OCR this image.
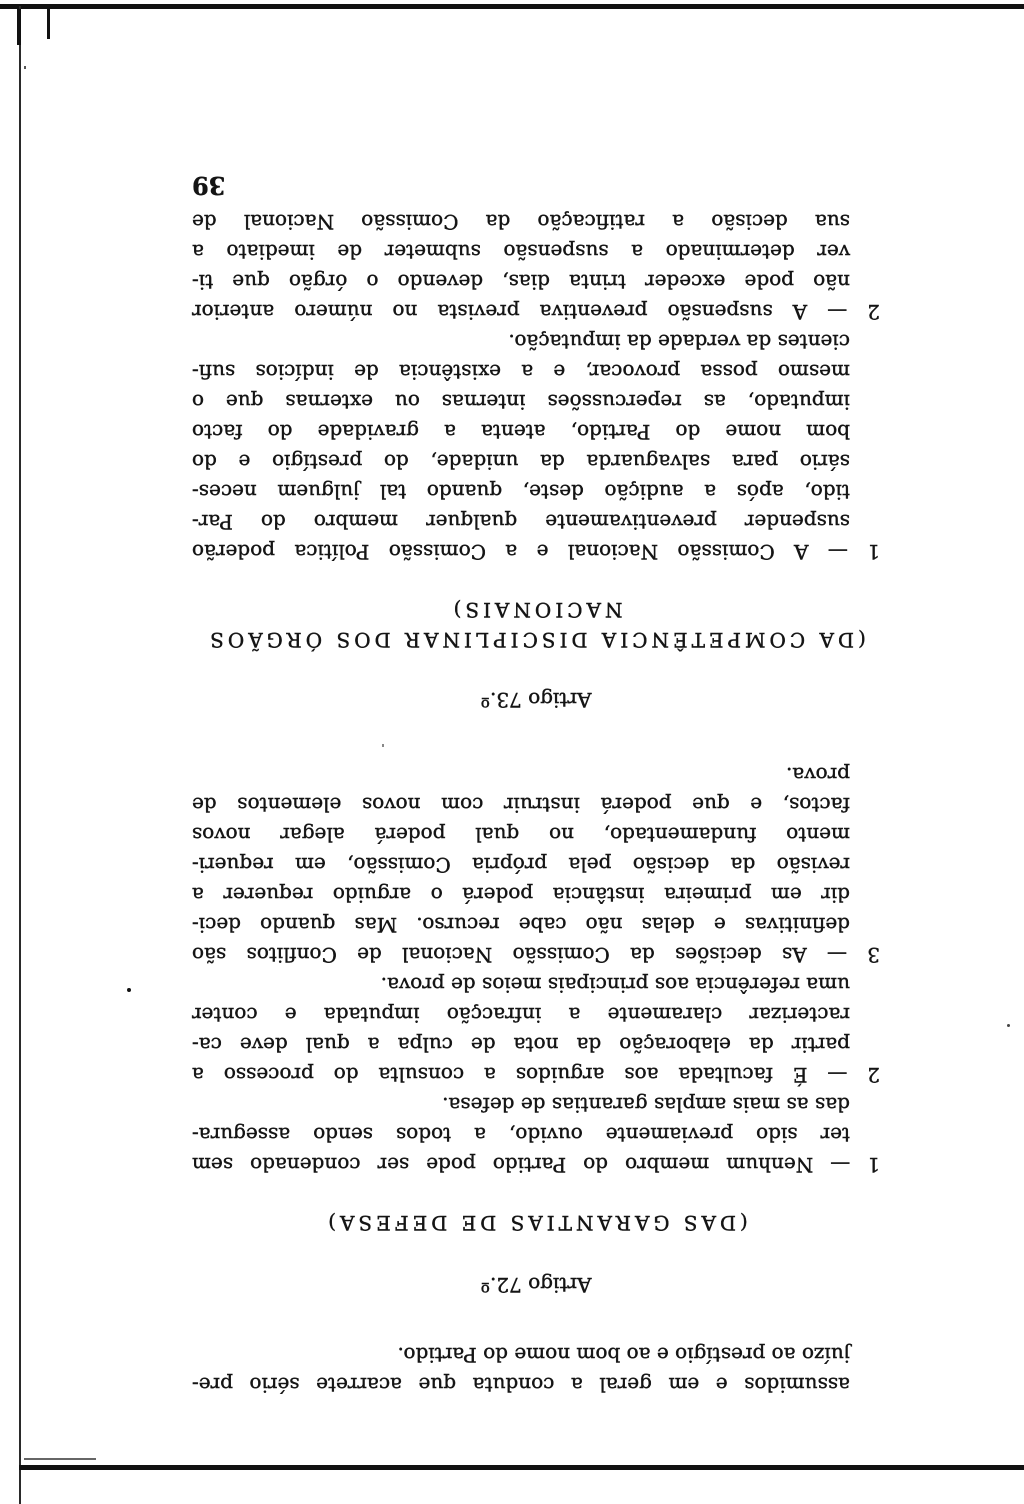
assumidos e em geral a conduta que acarrete sério pre-
juízo ao prestígio e ao bom nome do Partido.
Artigo 72.º
(DAS GARANTIAS DE DEFESA)
1 — Nenhum membro do Partido pode ser condenado sem
ter sido previamente ouvido, a todos sendo assegura-
das as mais amplas garantias de defesa.
2 — É facultada aos arguidos a consulta do processo a
partir da elaboração da nota de culpa a qual deve ca-
racterizar claramente a infracção imputada e conter
uma referência aos principais meios de prova.
3 — As decisões da Comissão Nacional de Conflitos são
definitivas e delas não cabe recurso. Mas quando deci-
dir em primeira instância poderá o arguido requerer a
revisão da decisão pela própria Comissão, em requeri-
mento fundamentado, no qual poderá alegar novos
factos, e que poderá instruir com novos elementos de
prova.
Artigo 73.º
(DA COMPETÊNCIA DISCIPLINAR DOS ÓRGÃOS
NACIONAIS)
1 — A Comissão Nacional e a Comissão Política poderão
suspender preventivamente qualquer membro do Par-
tido, após a audição deste, quando tal julguem neces-
sário para salvaguarda da unidade, do prestígio e do
bom nome do Partido, atenta a gravidade do facto
imputado, as repercussões internas ou externas que o
mesmo possa provocar, e a existência de indícios sufi-
cientes da verdade da imputação.
2 — A suspensão preventiva prevista no número anterior
não pode exceder trinta dias, devendo o órgão que ti-
ver determinado a suspensão submeter de imediato a
sua decisão a ratificação da Comissão Nacional de
39
